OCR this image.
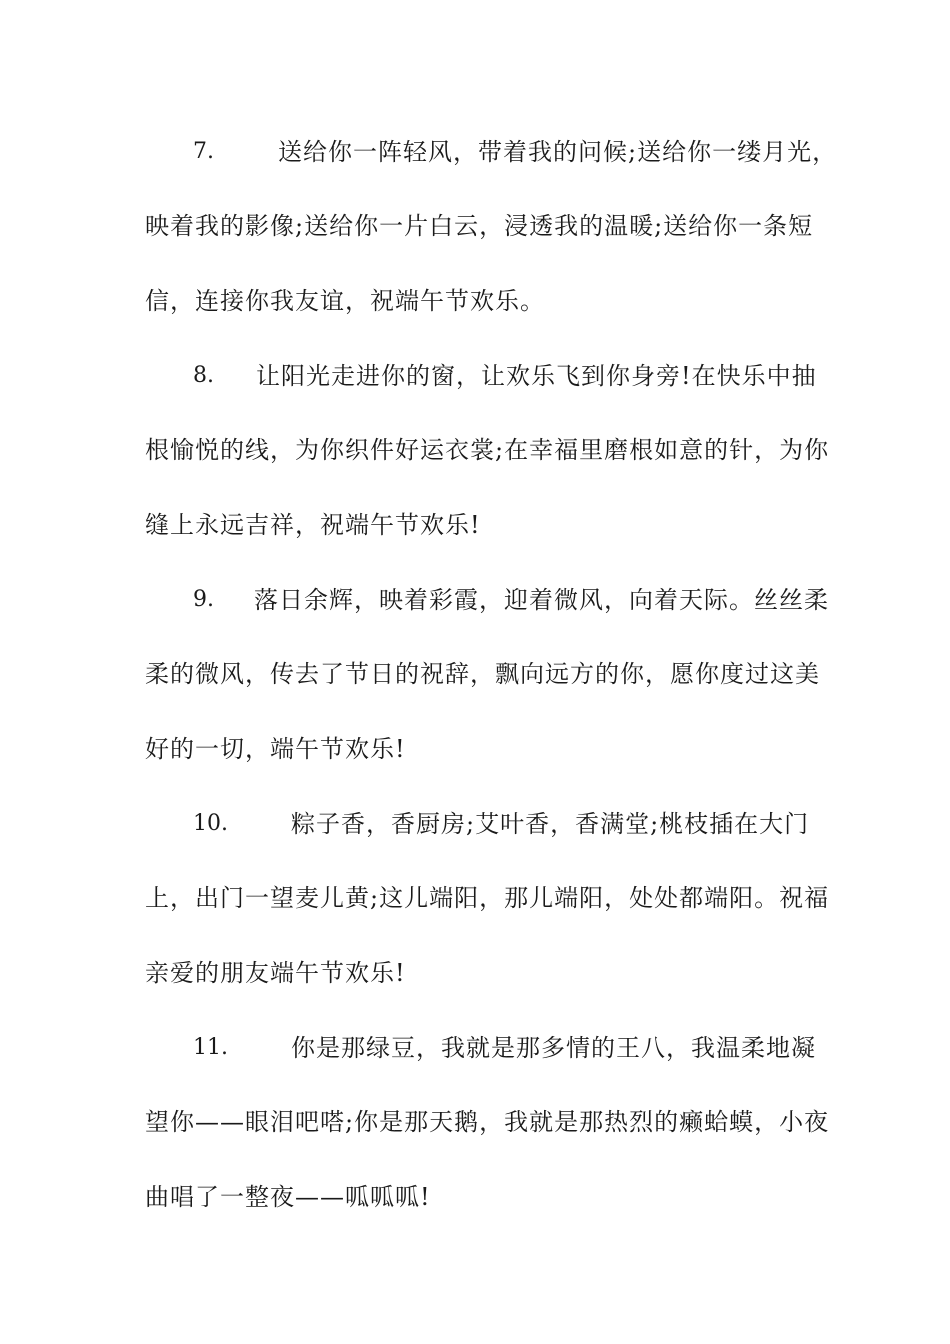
7.	送给你一阵轻风，带着我的问候;送给你一缕月光，
映着我的影像;送给你一片白云，浸透我的温暖;送给你一条短
信，连接你我友谊，祝端午节欢乐。
8. 让阳光走进你的窗，让欢乐飞到你身旁!在快乐中抽
根愉悦的线，为你织件好运衣裳;在幸福里磨根如意的针，为你
缝上永远吉祥，祝端午节欢乐!
9. 落日余辉，映着彩霞，迎着微风，向着天际。丝丝柔
柔的微风，传去了节日的祝辞，飘向远方的你，愿你度过这美
好的一切，端午节欢乐!
10.	粽子香，香厨房;艾叶香，香满堂;桃枝插在大门
上，出门一望麦儿黄;这儿端阳，那儿端阳，处处都端阳。祝福
亲爱的朋友端午节欢乐!
11.	你是那绿豆，我就是那多情的王八，我温柔地凝
望你——眼泪吧嗒;你是那天鹅，我就是那热烈的癞蛤蟆，小夜
曲唱了一整夜——呱呱呱!
